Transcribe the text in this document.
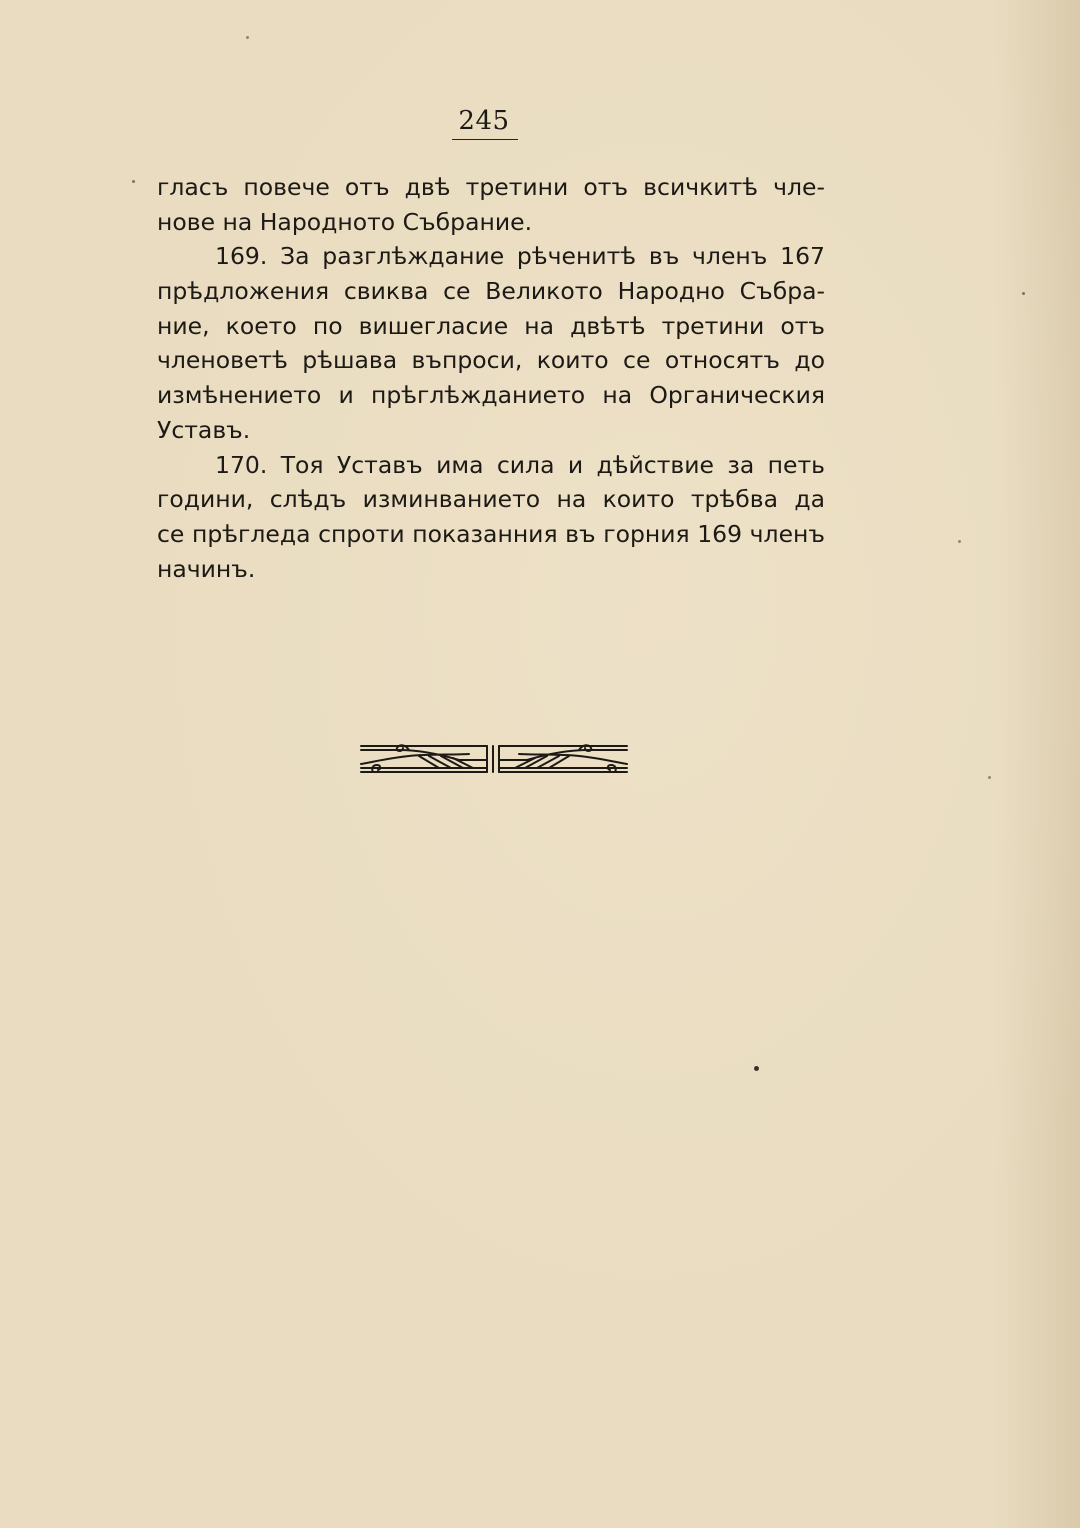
245
гласъ повече отъ двѣ третини отъ всичкитѣ чле-
нове на Народното Събрание.
169. За разглѣждание рѣченитѣ въ членъ 167
прѣдложения свиква се Великото Народно Събра-
ние, което по вишегласие на двѣтѣ третини отъ
членоветѣ рѣшава въпроси, които се относятъ до
измѣнението и прѣглѣжданието на Органическия
Уставъ.
170. Тоя Уставъ има сила и дѣйствие за петь
години, слѣдъ изминванието на които трѣбва да
се прѣгледа спроти показанния въ горния 169 членъ
начинъ.
